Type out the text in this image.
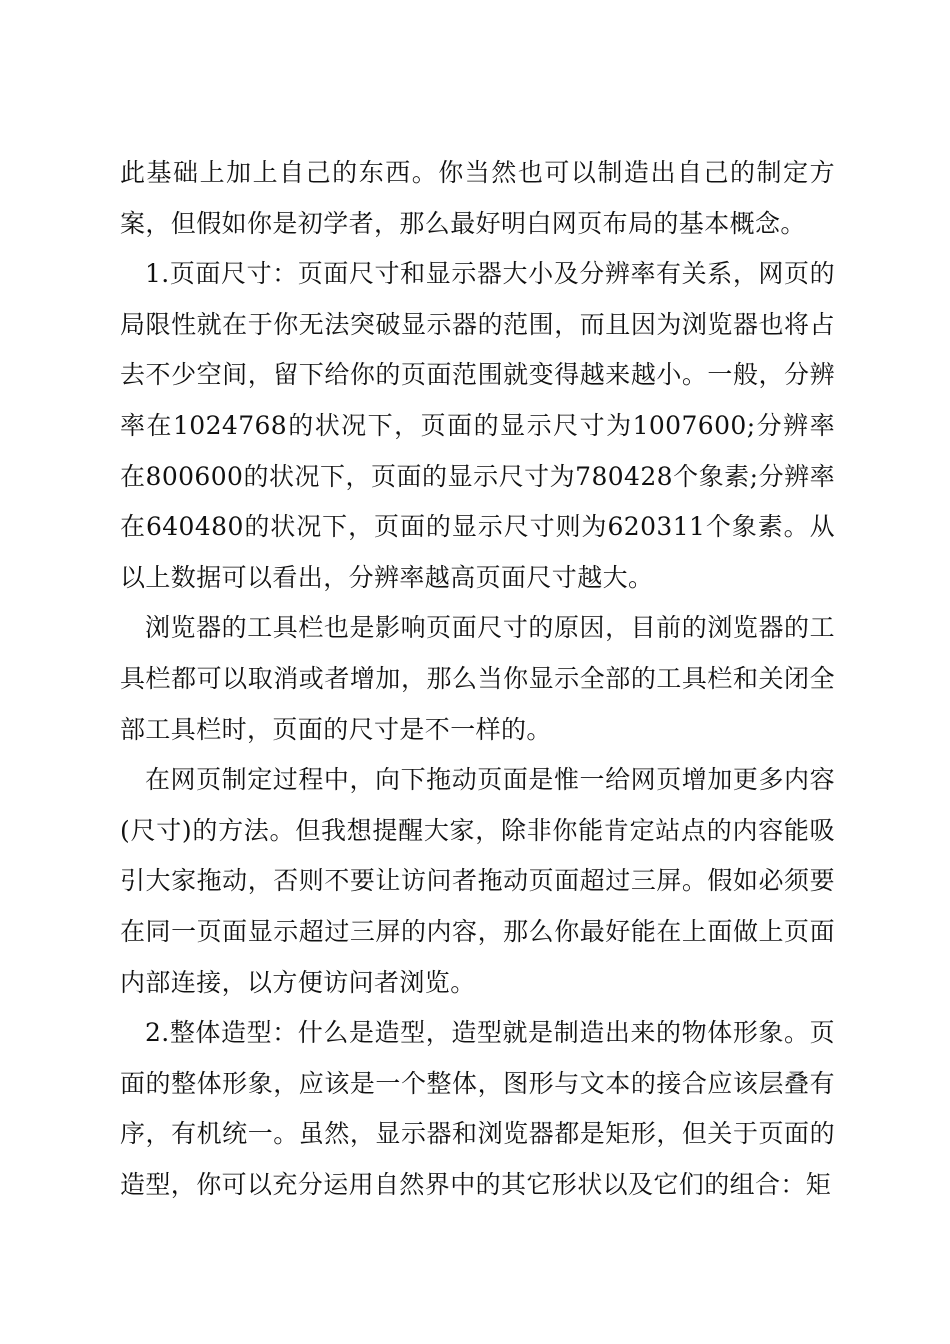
此基础上加上自己的东西。你当然也可以制造出自己的制定方案，但假如你是初学者，那么最好明白网页布局的基本概念。

1.页面尺寸：页面尺寸和显示器大小及分辨率有关系，网页的局限性就在于你无法突破显示器的范围，而且因为浏览器也将占去不少空间，留下给你的页面范围就变得越来越小。一般，分辨率在1024768的状况下，页面的显示尺寸为1007600;分辨率在800600的状况下，页面的显示尺寸为780428个象素;分辨率在640480的状况下，页面的显示尺寸则为620311个象素。从以上数据可以看出，分辨率越高页面尺寸越大。

浏览器的工具栏也是影响页面尺寸的原因，目前的浏览器的工具栏都可以取消或者增加，那么当你显示全部的工具栏和关闭全部工具栏时，页面的尺寸是不一样的。

在网页制定过程中，向下拖动页面是惟一给网页增加更多内容(尺寸)的方法。但我想提醒大家，除非你能肯定站点的内容能吸引大家拖动，否则不要让访问者拖动页面超过三屏。假如必须要在同一页面显示超过三屏的内容，那么你最好能在上面做上页面内部连接，以方便访问者浏览。

2.整体造型：什么是造型，造型就是制造出来的物体形象。页面的整体形象，应该是一个整体，图形与文本的接合应该层叠有序，有机统一。虽然，显示器和浏览器都是矩形，但关于页面的造型，你可以充分运用自然界中的其它形状以及它们的组合：矩
